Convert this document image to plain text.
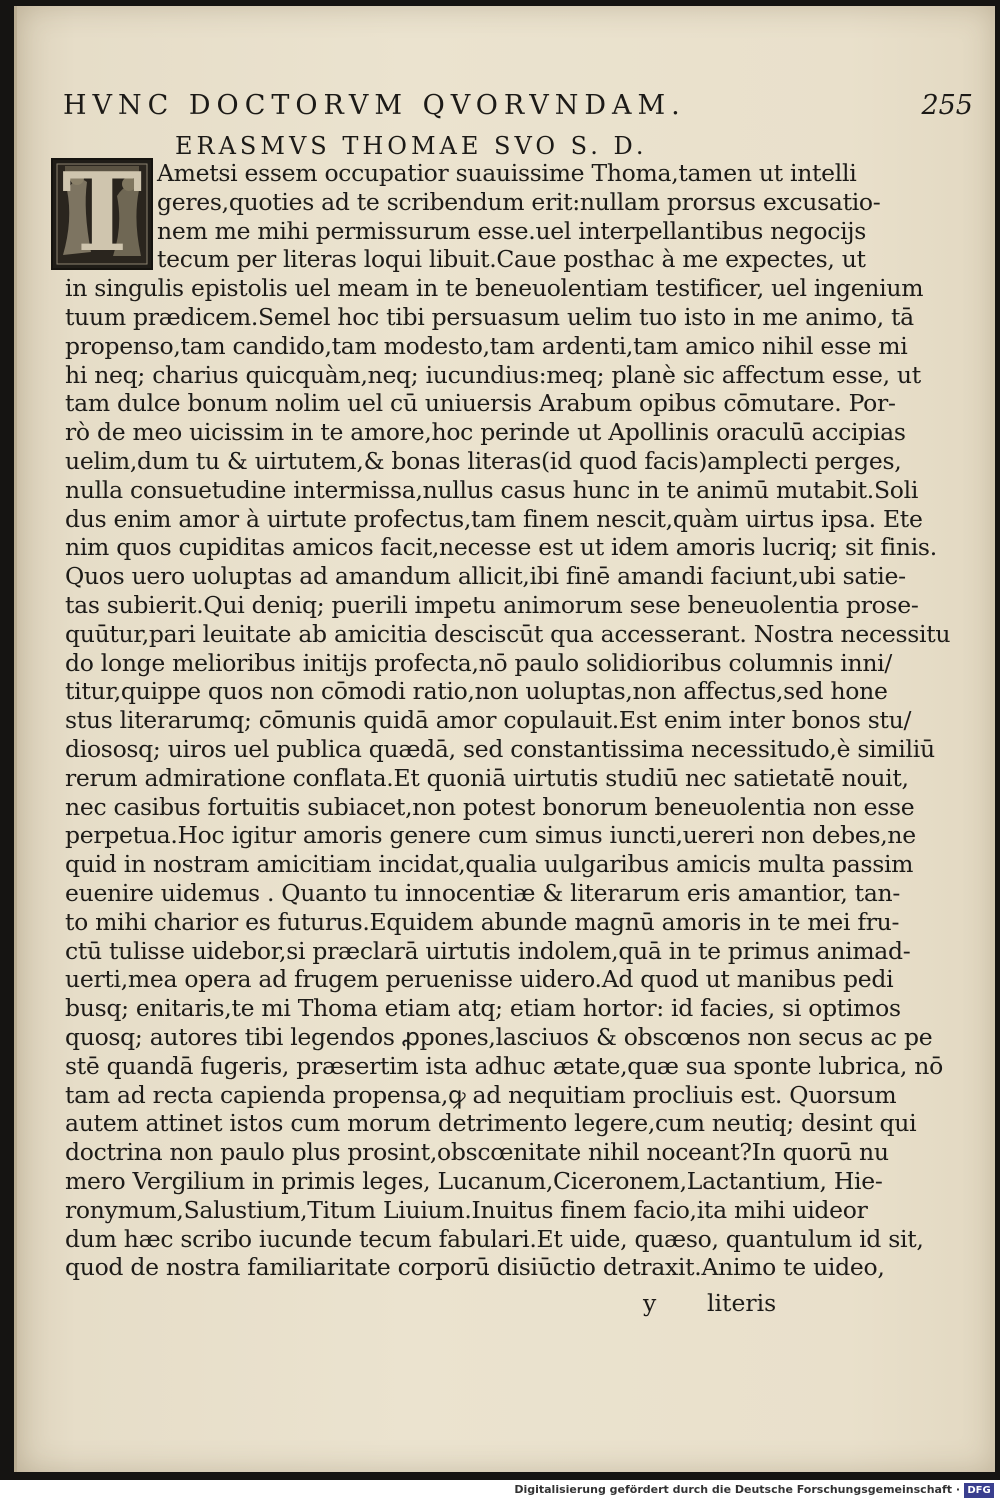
HVNC DOCTORVM QVORVNDAM.	255
ERASMVS THOMAE SVO S. D.
T Ametsi essem occupatior suauissime Thoma,tamen ut intelli
geres,quoties ad te scribendum erit:nullam prorsus excusatio-
nem me mihi permissurum esse.uel interpellantibus negocijs
tecum per literas loqui libuit.Caue posthac à me expectes, ut
in singulis epistolis uel meam in te beneuolentiam testificer, uel ingenium
tuum prædicem.Semel hoc tibi persuasum uelim tuo isto in me animo, tā
propenso,tam candido,tam modesto,tam ardenti,tam amico nihil esse mi
hi neq; charius quicquàm,neq; iucundius:meq; planè sic affectum esse, ut
tam dulce bonum nolim uel cū uniuersis Arabum opibus cōmutare. Por-
rò de meo uicissim in te amore,hoc perinde ut Apollinis oraculū accipias
uelim,dum tu & uirtutem,& bonas literas(id quod facis)amplecti perges,
nulla consuetudine intermissa,nullus casus hunc in te animū mutabit.Soli
dus enim amor à uirtute profectus,tam finem nescit,quàm uirtus ipsa. Ete
nim quos cupiditas amicos facit,necesse est ut idem amoris lucriq; sit finis.
Quos uero uoluptas ad amandum allicit,ibi finē amandi faciunt,ubi satie-
tas subierit.Qui deniq; puerili impetu animorum sese beneuolentia prose-
quūtur,pari leuitate ab amicitia desciscūt qua accesserant. Nostra necessitu
do longe melioribus initijs profecta,nō paulo solidioribus columnis inni/
titur,quippe quos non cōmodi ratio,non uoluptas,non affectus,sed hone
stus literarumq; cōmunis quidā amor copulauit.Est enim inter bonos stu/
diososq; uiros uel publica quædā, sed constantissima necessitudo,è similiū
rerum admiratione conflata.Et quoniā uirtutis studiū nec satietatē nouit,
nec casibus fortuitis subiacet,non potest bonorum beneuolentia non esse
perpetua.Hoc igitur amoris genere cum simus iuncti,uereri non debes,ne
quid in nostram amicitiam incidat,qualia uulgaribus amicis multa passim
euenire uidemus . Quanto tu innocentiæ & literarum eris amantior, tan-
to mihi charior es futurus.Equidem abunde magnū amoris in te mei fru-
ctū tulisse uidebor,si præclarā uirtutis indolem,quā in te primus animad-
uerti,mea opera ad frugem peruenisse uidero.Ad quod ut manibus pedi
busq; enitaris,te mi Thoma etiam atq; etiam hortor: id facies, si optimos
quosq; autores tibi legendos ꝓpones,lasciuos & obscœnos non secus ac pe
stē quandā fugeris, præsertim ista adhuc ætate,quæ sua sponte lubrica, nō
tam ad recta capienda propensa,ꝙ ad nequitiam procliuis est. Quorsum
autem attinet istos cum morum detrimento legere,cum neutiq; desint qui
doctrina non paulo plus prosint,obscœnitate nihil noceant?In quorū nu
mero Vergilium in primis leges, Lucanum,Ciceronem,Lactantium, Hie-
ronymum,Salustium,Titum Liuium.Inuitus finem facio,ita mihi uideor
dum hæc scribo iucunde tecum fabulari.Et uide, quæso, quantulum id sit,
quod de nostra familiaritate corporū disiūctio detraxit.Animo te uideo,
y literis
Digitalisierung gefördert durch die Deutsche Forschungsgemeinschaft · DFG
